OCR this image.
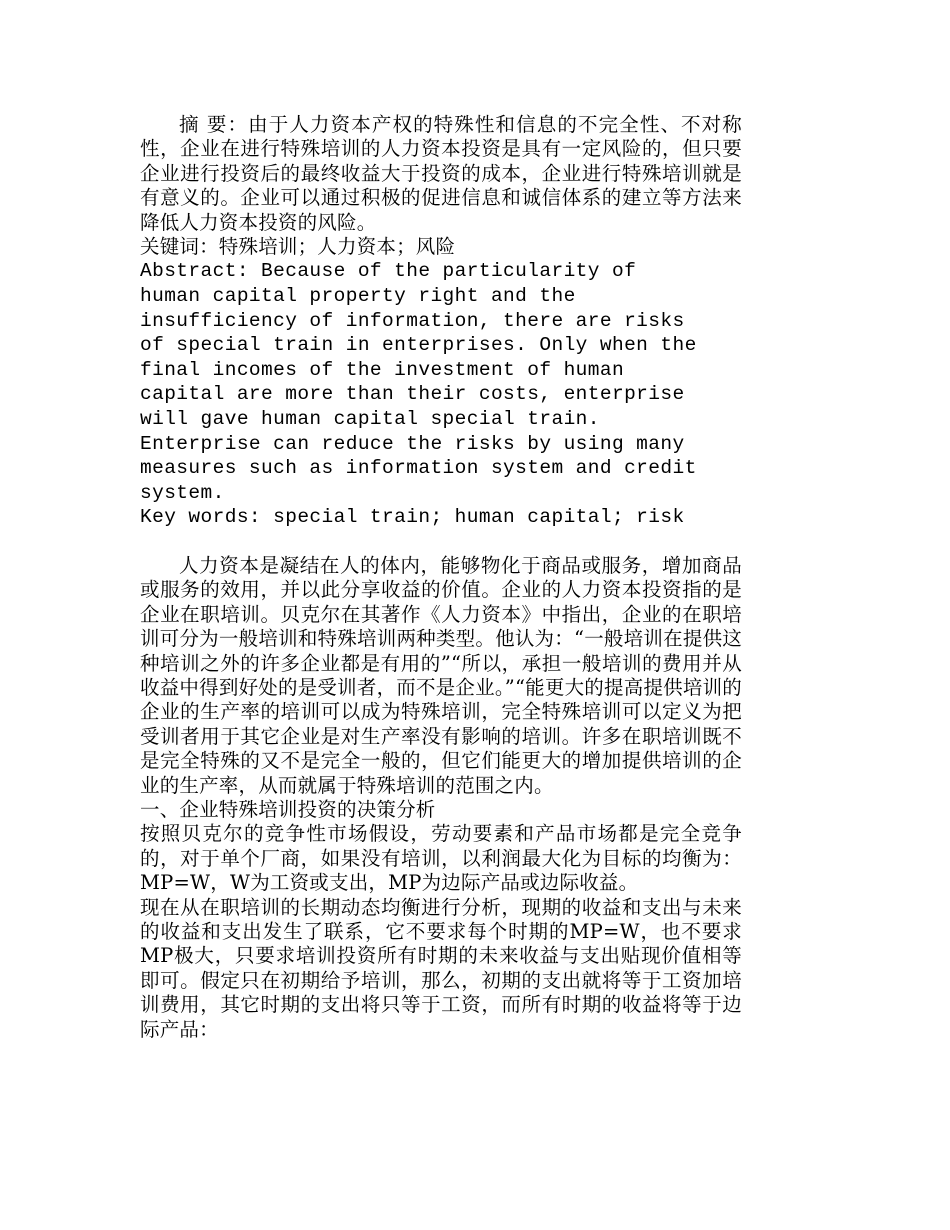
摘 要：由于人力资本产权的特殊性和信息的不完全性、不对称性，企业在进行特殊培训的人力资本投资是具有一定风险的，但只要企业进行投资后的最终收益大于投资的成本，企业进行特殊培训就是有意义的。企业可以通过积极的促进信息和诚信体系的建立等方法来降低人力资本投资的风险。

关键词：特殊培训；人力资本；风险

Abstract: Because of the particularity of
human capital property right and the
insufficiency of information, there are risks
of special train in enterprises. Only when the
final incomes of the investment of human
capital are more than their costs, enterprise
will gave human capital special train.
Enterprise can reduce the risks by using many
measures such as information system and credit
system.

Key words: special train; human capital; risk

人力资本是凝结在人的体内，能够物化于商品或服务，增加商品或服务的效用，并以此分享收益的价值。企业的人力资本投资指的是企业在职培训。贝克尔在其著作《人力资本》中指出，企业的在职培训可分为一般培训和特殊培训两种类型。他认为：“一般培训在提供这种培训之外的许多企业都是有用的”“所以，承担一般培训的费用并从收益中得到好处的是受训者，而不是企业。”“能更大的提高提供培训的企业的生产率的培训可以成为特殊培训，完全特殊培训可以定义为把受训者用于其它企业是对生产率没有影响的培训。许多在职培训既不是完全特殊的又不是完全一般的，但它们能更大的增加提供培训的企业的生产率，从而就属于特殊培训的范围之内。

一、企业特殊培训投资的决策分析

按照贝克尔的竞争性市场假设，劳动要素和产品市场都是完全竞争的，对于单个厂商，如果没有培训，以利润最大化为目标的均衡为：MP=W，W为工资或支出，MP为边际产品或边际收益。

现在从在职培训的长期动态均衡进行分析，现期的收益和支出与未来的收益和支出发生了联系，它不要求每个时期的MP=W，也不要求MP极大，只要求培训投资所有时期的未来收益与支出贴现价值相等即可。假定只在初期给予培训，那么，初期的支出就将等于工资加培训费用，其它时期的支出将只等于工资，而所有时期的收益将等于边际产品：
